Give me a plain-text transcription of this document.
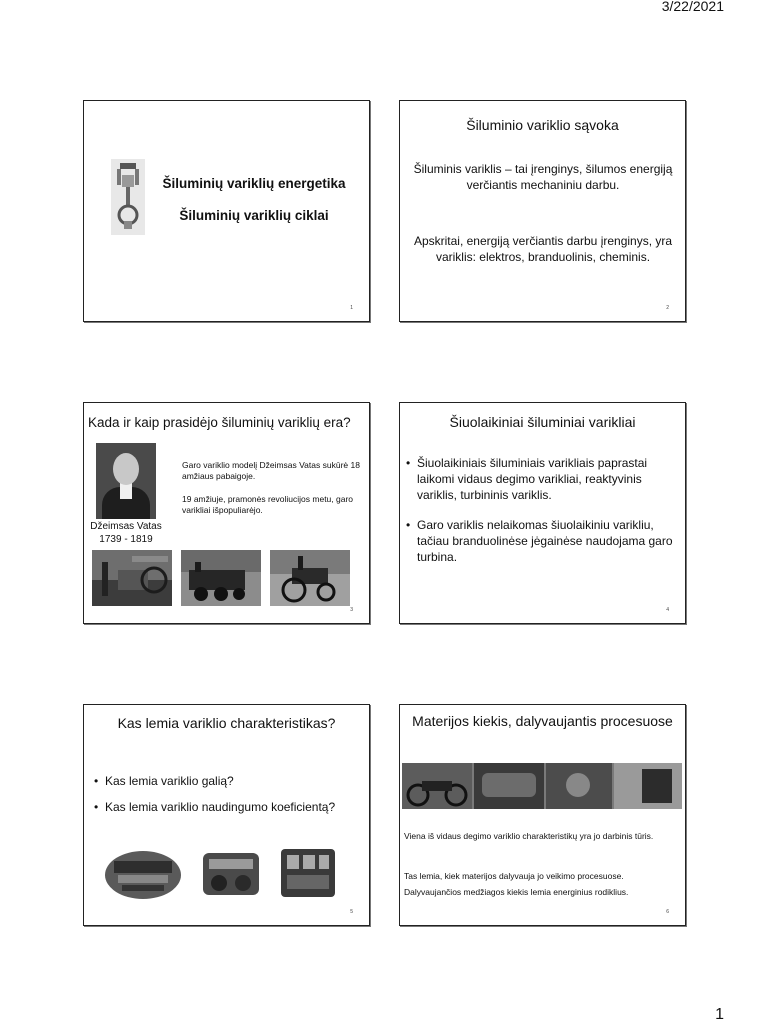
3/22/2021
Šiluminių variklių energetika
Šiluminių variklių ciklai
1
Šiluminio variklio sąvoka
Šiluminis variklis – tai įrenginys, šilumos energiją verčiantis mechaniniu darbu.
Apskritai, energiją verčiantis darbu įrenginys, yra variklis: elektros, branduolinis, cheminis.
2
Kada ir kaip prasidėjo šiluminių variklių era?
Džeimsas Vatas
1739 - 1819
Garo variklio modelį Džeimsas Vatas sukūrė 18 amžiaus pabaigoje.
19 amžiuje, pramonės revoliucijos metu, garo varikliai išpopuliarėjo.
3
Šiuolaikiniai šiluminiai varikliai
• Šiuolaikiniais šiluminiais varikliais paprastai laikomi vidaus degimo varikliai, reaktyvinis variklis, turbininis variklis.
• Garo variklis nelaikomas šiuolaikiniu varikliu, tačiau branduolinėse jėgainėse naudojama garo turbina.
4
Kas lemia variklio charakteristikas?
• Kas lemia variklio galią?
• Kas lemia variklio naudingumo koeficientą?
5
Materijos kiekis, dalyvaujantis procesuose
Viena iš vidaus degimo variklio charakteristikų yra jo darbinis tūris.
Tas lemia, kiek materijos dalyvauja jo veikimo procesuose.
Dalyvaujančios medžiagos kiekis lemia energinius rodiklius.
6
1
